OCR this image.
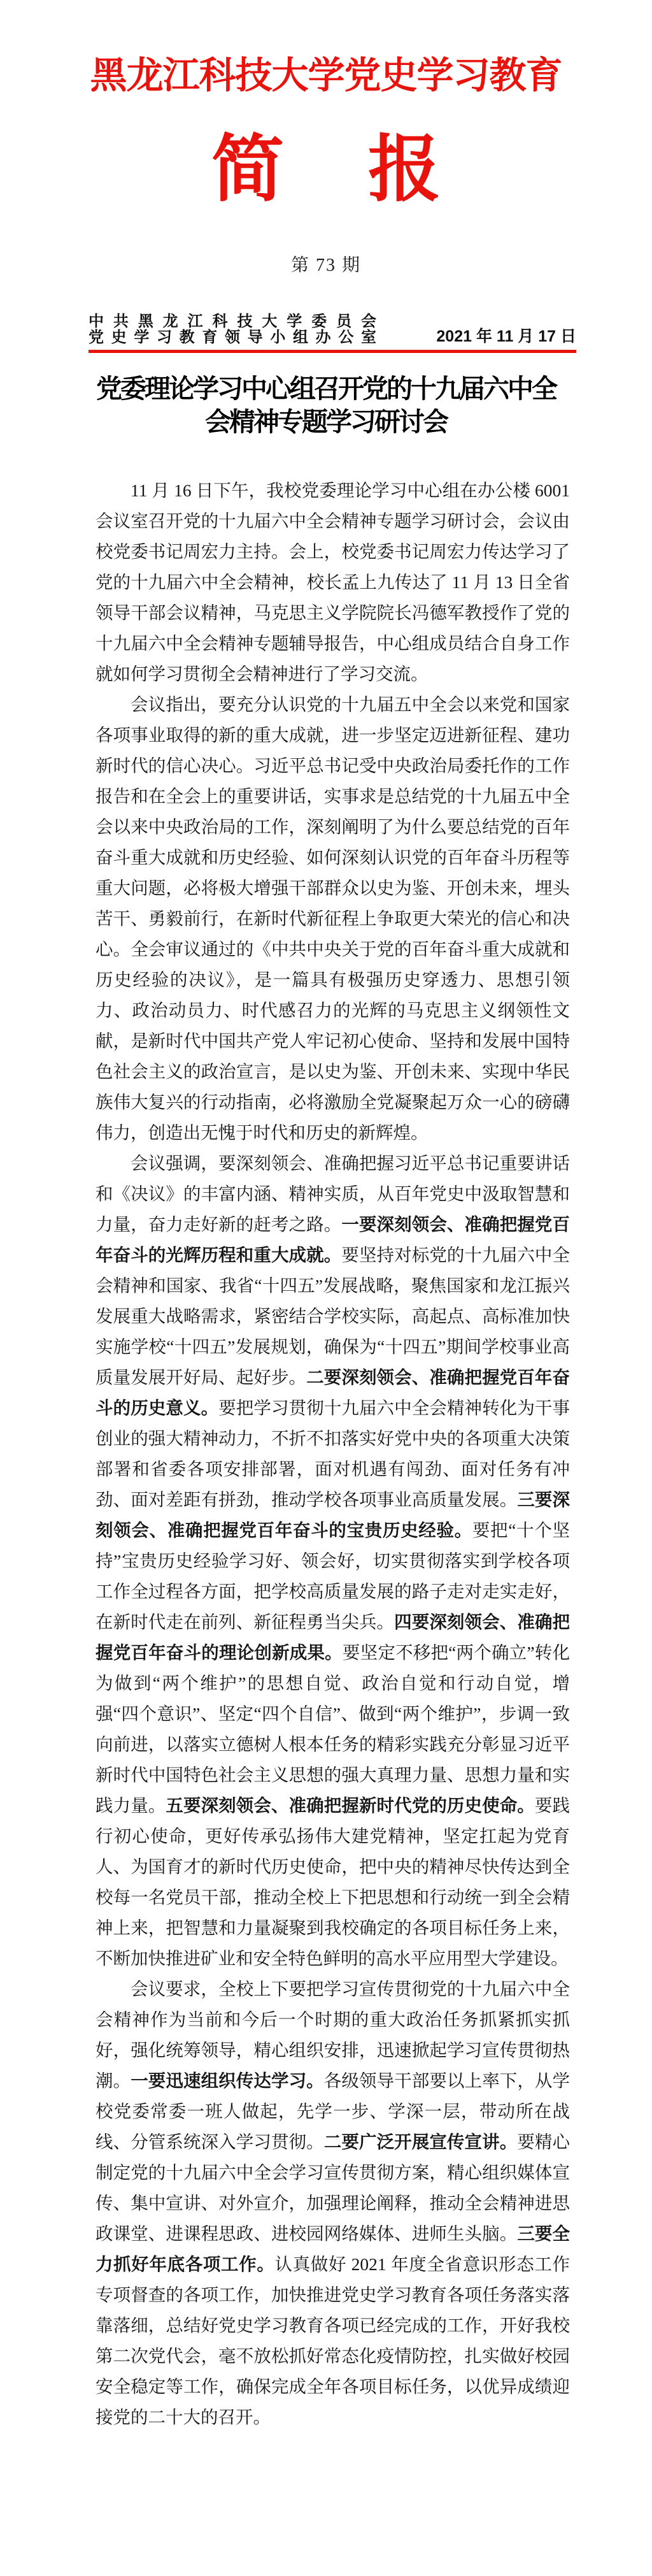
黑龙江科技大学党史学习教育
简 报
第 73 期
中共黑龙江科技大学委员会
党史学习教育领导小组办公室	2021 年 11 月 17 日
党委理论学习中心组召开党的十九届六中全
会精神专题学习研讨会

11 月 16 日下午，我校党委理论学习中心组在办公楼 6001 会议室召开党的十九届六中全会精神专题学习研讨会，会议由校党委书记周宏力主持。会上，校党委书记周宏力传达学习了党的十九届六中全会精神，校长孟上九传达了 11 月 13 日全省领导干部会议精神，马克思主义学院院长冯德军教授作了党的十九届六中全会精神专题辅导报告，中心组成员结合自身工作就如何学习贯彻全会精神进行了学习交流。

会议指出，要充分认识党的十九届五中全会以来党和国家各项事业取得的新的重大成就，进一步坚定迈进新征程、建功新时代的信心决心。习近平总书记受中央政治局委托作的工作报告和在全会上的重要讲话，实事求是总结党的十九届五中全会以来中央政治局的工作，深刻阐明了为什么要总结党的百年奋斗重大成就和历史经验、如何深刻认识党的百年奋斗历程等重大问题，必将极大增强干部群众以史为鉴、开创未来，埋头苦干、勇毅前行，在新时代新征程上争取更大荣光的信心和决心。全会审议通过的《中共中央关于党的百年奋斗重大成就和历史经验的决议》，是一篇具有极强历史穿透力、思想引领力、政治动员力、时代感召力的光辉的马克思主义纲领性文献，是新时代中国共产党人牢记初心使命、坚持和发展中国特色社会主义的政治宣言，是以史为鉴、开创未来、实现中华民族伟大复兴的行动指南，必将激励全党凝聚起万众一心的磅礴伟力，创造出无愧于时代和历史的新辉煌。

会议强调，要深刻领会、准确把握习近平总书记重要讲话和《决议》的丰富内涵、精神实质，从百年党史中汲取智慧和力量，奋力走好新的赶考之路。一要深刻领会、准确把握党百年奋斗的光辉历程和重大成就。要坚持对标党的十九届六中全会精神和国家、我省“十四五”发展战略，聚焦国家和龙江振兴发展重大战略需求，紧密结合学校实际，高起点、高标准加快实施学校“十四五”发展规划，确保为“十四五”期间学校事业高质量发展开好局、起好步。二要深刻领会、准确把握党百年奋斗的历史意义。要把学习贯彻十九届六中全会精神转化为干事创业的强大精神动力，不折不扣落实好党中央的各项重大决策部署和省委各项安排部署，面对机遇有闯劲、面对任务有冲劲、面对差距有拼劲，推动学校各项事业高质量发展。三要深刻领会、准确把握党百年奋斗的宝贵历史经验。要把“十个坚持”宝贵历史经验学习好、领会好，切实贯彻落实到学校各项工作全过程各方面，把学校高质量发展的路子走对走实走好，在新时代走在前列、新征程勇当尖兵。四要深刻领会、准确把握党百年奋斗的理论创新成果。要坚定不移把“两个确立”转化为做到“两个维护”的思想自觉、政治自觉和行动自觉，增强“四个意识”、坚定“四个自信”、做到“两个维护”，步调一致向前进，以落实立德树人根本任务的精彩实践充分彰显习近平新时代中国特色社会主义思想的强大真理力量、思想力量和实践力量。五要深刻领会、准确把握新时代党的历史使命。要践行初心使命，更好传承弘扬伟大建党精神，坚定扛起为党育人、为国育才的新时代历史使命，把中央的精神尽快传达到全校每一名党员干部，推动全校上下把思想和行动统一到全会精神上来，把智慧和力量凝聚到我校确定的各项目标任务上来，不断加快推进矿业和安全特色鲜明的高水平应用型大学建设。

会议要求，全校上下要把学习宣传贯彻党的十九届六中全会精神作为当前和今后一个时期的重大政治任务抓紧抓实抓好，强化统筹领导，精心组织安排，迅速掀起学习宣传贯彻热潮。一要迅速组织传达学习。各级领导干部要以上率下，从学校党委常委一班人做起，先学一步、学深一层，带动所在战线、分管系统深入学习贯彻。二要广泛开展宣传宣讲。要精心制定党的十九届六中全会学习宣传贯彻方案，精心组织媒体宣传、集中宣讲、对外宣介，加强理论阐释，推动全会精神进思政课堂、进课程思政、进校园网络媒体、进师生头脑。三要全力抓好年底各项工作。认真做好 2021 年度全省意识形态工作专项督查的各项工作，加快推进党史学习教育各项任务落实落靠落细，总结好党史学习教育各项已经完成的工作，开好我校第二次党代会，毫不放松抓好常态化疫情防控，扎实做好校园安全稳定等工作，确保完成全年各项目标任务，以优异成绩迎接党的二十大的召开。
